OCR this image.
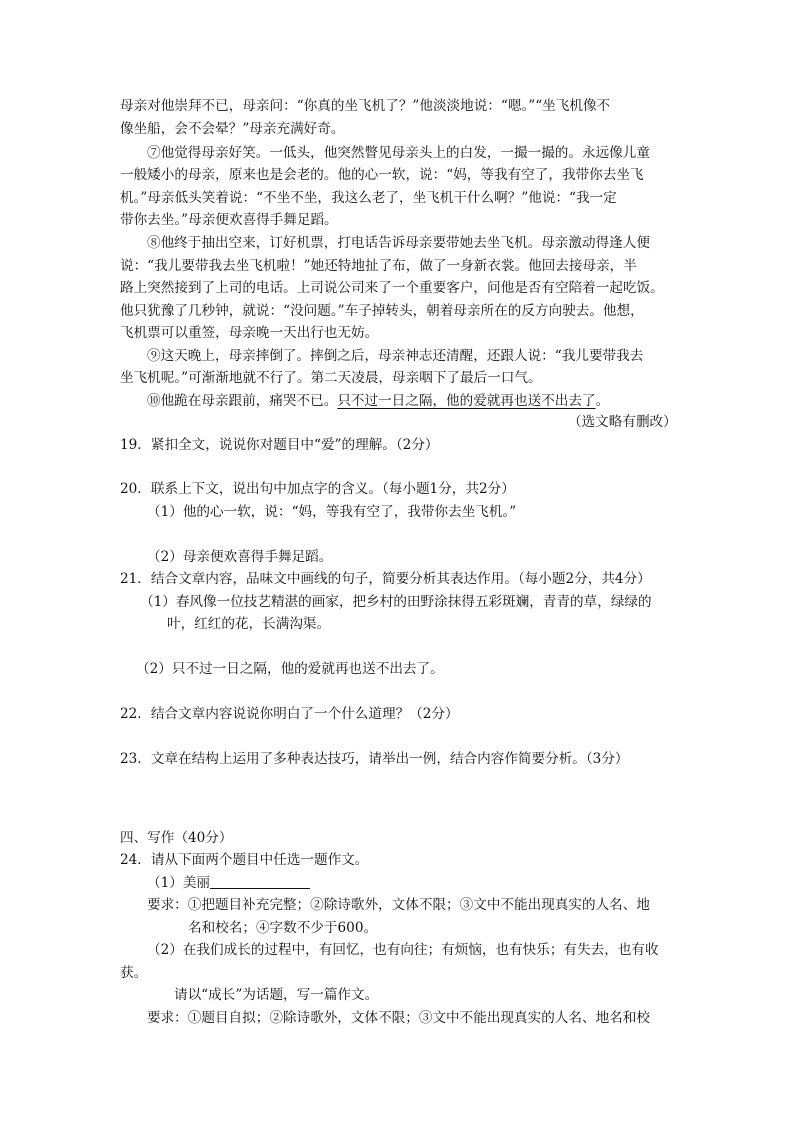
母亲对他崇拜不已，母亲问：“你真的坐飞机了？”他淡淡地说：“嗯。”“坐飞机像不
像坐船，会不会晕？”母亲充满好奇。
⑦他觉得母亲好笑。一低头，他突然瞥见母亲头上的白发，一撮一撮的。永远像儿童
一般矮小的母亲，原来也是会老的。他的心一软，说：“妈，等我有空了，我带你去坐飞
机。”母亲低头笑着说：“不坐不坐，我这么老了，坐飞机干什么啊？”他说：“我一定
带你去坐。”母亲便欢喜得手舞足蹈。
⑧他终于抽出空来，订好机票，打电话告诉母亲要带她去坐飞机。母亲激动得逢人便
说：“我儿要带我去坐飞机啦！”她还特地扯了布，做了一身新衣裳。他回去接母亲，半
路上突然接到了上司的电话。上司说公司来了一个重要客户，问他是否有空陪着一起吃饭。
他只犹豫了几秒钟，就说：“没问题。”车子掉转头，朝着母亲所在的反方向驶去。他想，
飞机票可以重签，母亲晚一天出行也无妨。
⑨这天晚上，母亲摔倒了。摔倒之后，母亲神志还清醒，还跟人说：“我儿要带我去
坐飞机呢。”可渐渐地就不行了。第二天凌晨，母亲咽下了最后一口气。
⑩他跪在母亲跟前，痛哭不已。只不过一日之隔，他的爱就再也送不出去了。
（选文略有删改）
19．紧扣全文，说说你对题目中“爱”的理解。（2分）
20．联系上下文，说出句中加点字的含义。（每小题1分，共2分）
（1）他的心一软，说：“妈，等我有空了，我带你去坐飞机。”
（2）母亲便欢喜得手舞足蹈。
21．结合文章内容，品味文中画线的句子，简要分析其表达作用。（每小题2分，共4分）
（1）春风像一位技艺精湛的画家，把乡村的田野涂抹得五彩斑斓，青青的草，绿绿的
叶，红红的花，长满沟渠。
（2）只不过一日之隔，他的爱就再也送不出去了。
22．结合文章内容说说你明白了一个什么道理？（2分）
23．文章在结构上运用了多种表达技巧，请举出一例，结合内容作简要分析。（3分）
四、写作（40分）
24．请从下面两个题目中任选一题作文。
（1）美丽
要求：①把题目补充完整；②除诗歌外，文体不限；③文中不能出现真实的人名、地
名和校名；④字数不少于600。
（2）在我们成长的过程中，有回忆，也有向往；有烦恼，也有快乐；有失去，也有收
获。
请以“成长”为话题，写一篇作文。
要求：①题目自拟；②除诗歌外，文体不限；③文中不能出现真实的人名、地名和校
